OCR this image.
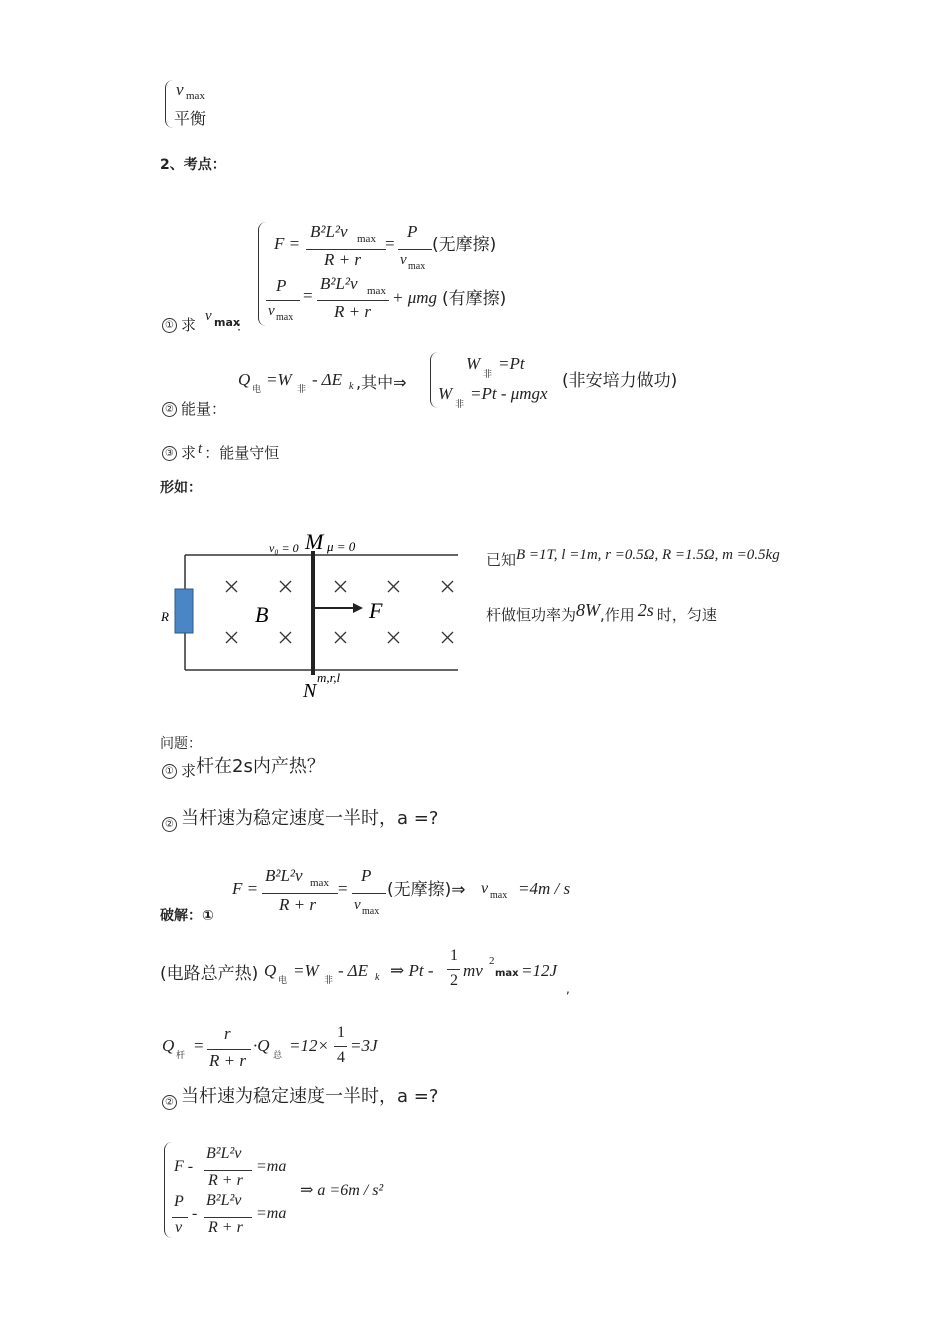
v max
平衡
2、考点：
F =
B²L²v max
R + r
=
P
v max
(无摩擦)
P
v max
=
B²L²v max
R + r
+ μmg (有摩擦)
① 求 v max
：
Q
电
=W
非
- ΔE k ,其中⇒
W
非
=Pt
W
非
=Pt - μmgx
(非安培力做功)
② 能量：
③ 求 t ：能量守恒
形如：
R	B	F
M
N
v₀ = 0 μ = 0
m,r,l
已知B =1T, l =1m, r =0.5Ω, R =1.5Ω, m =0.5kg
杆做恒功率为8W,作用 2s 时，匀速
问题：
① 求杆在2s内产热？
② 当杆速为稳定速度一半时，a =?
F =
B²L²v max
R + r
=
P
v max
(无摩擦)⇒ v max =4m / s
破解：①
(电路总产热) Q
电
=W
非
- ΔE k ⇒ Pt -
1
2
mv 2
max =12J
,
Q
杆
=
r
R + r
·Q
总
=12×
1
4
=3J
② 当杆速为稳定速度一半时，a =?
F -
B²L²v
R + r
=ma
P
v
-
B²L²v
R + r
=ma
⇒ a =6m / s²
